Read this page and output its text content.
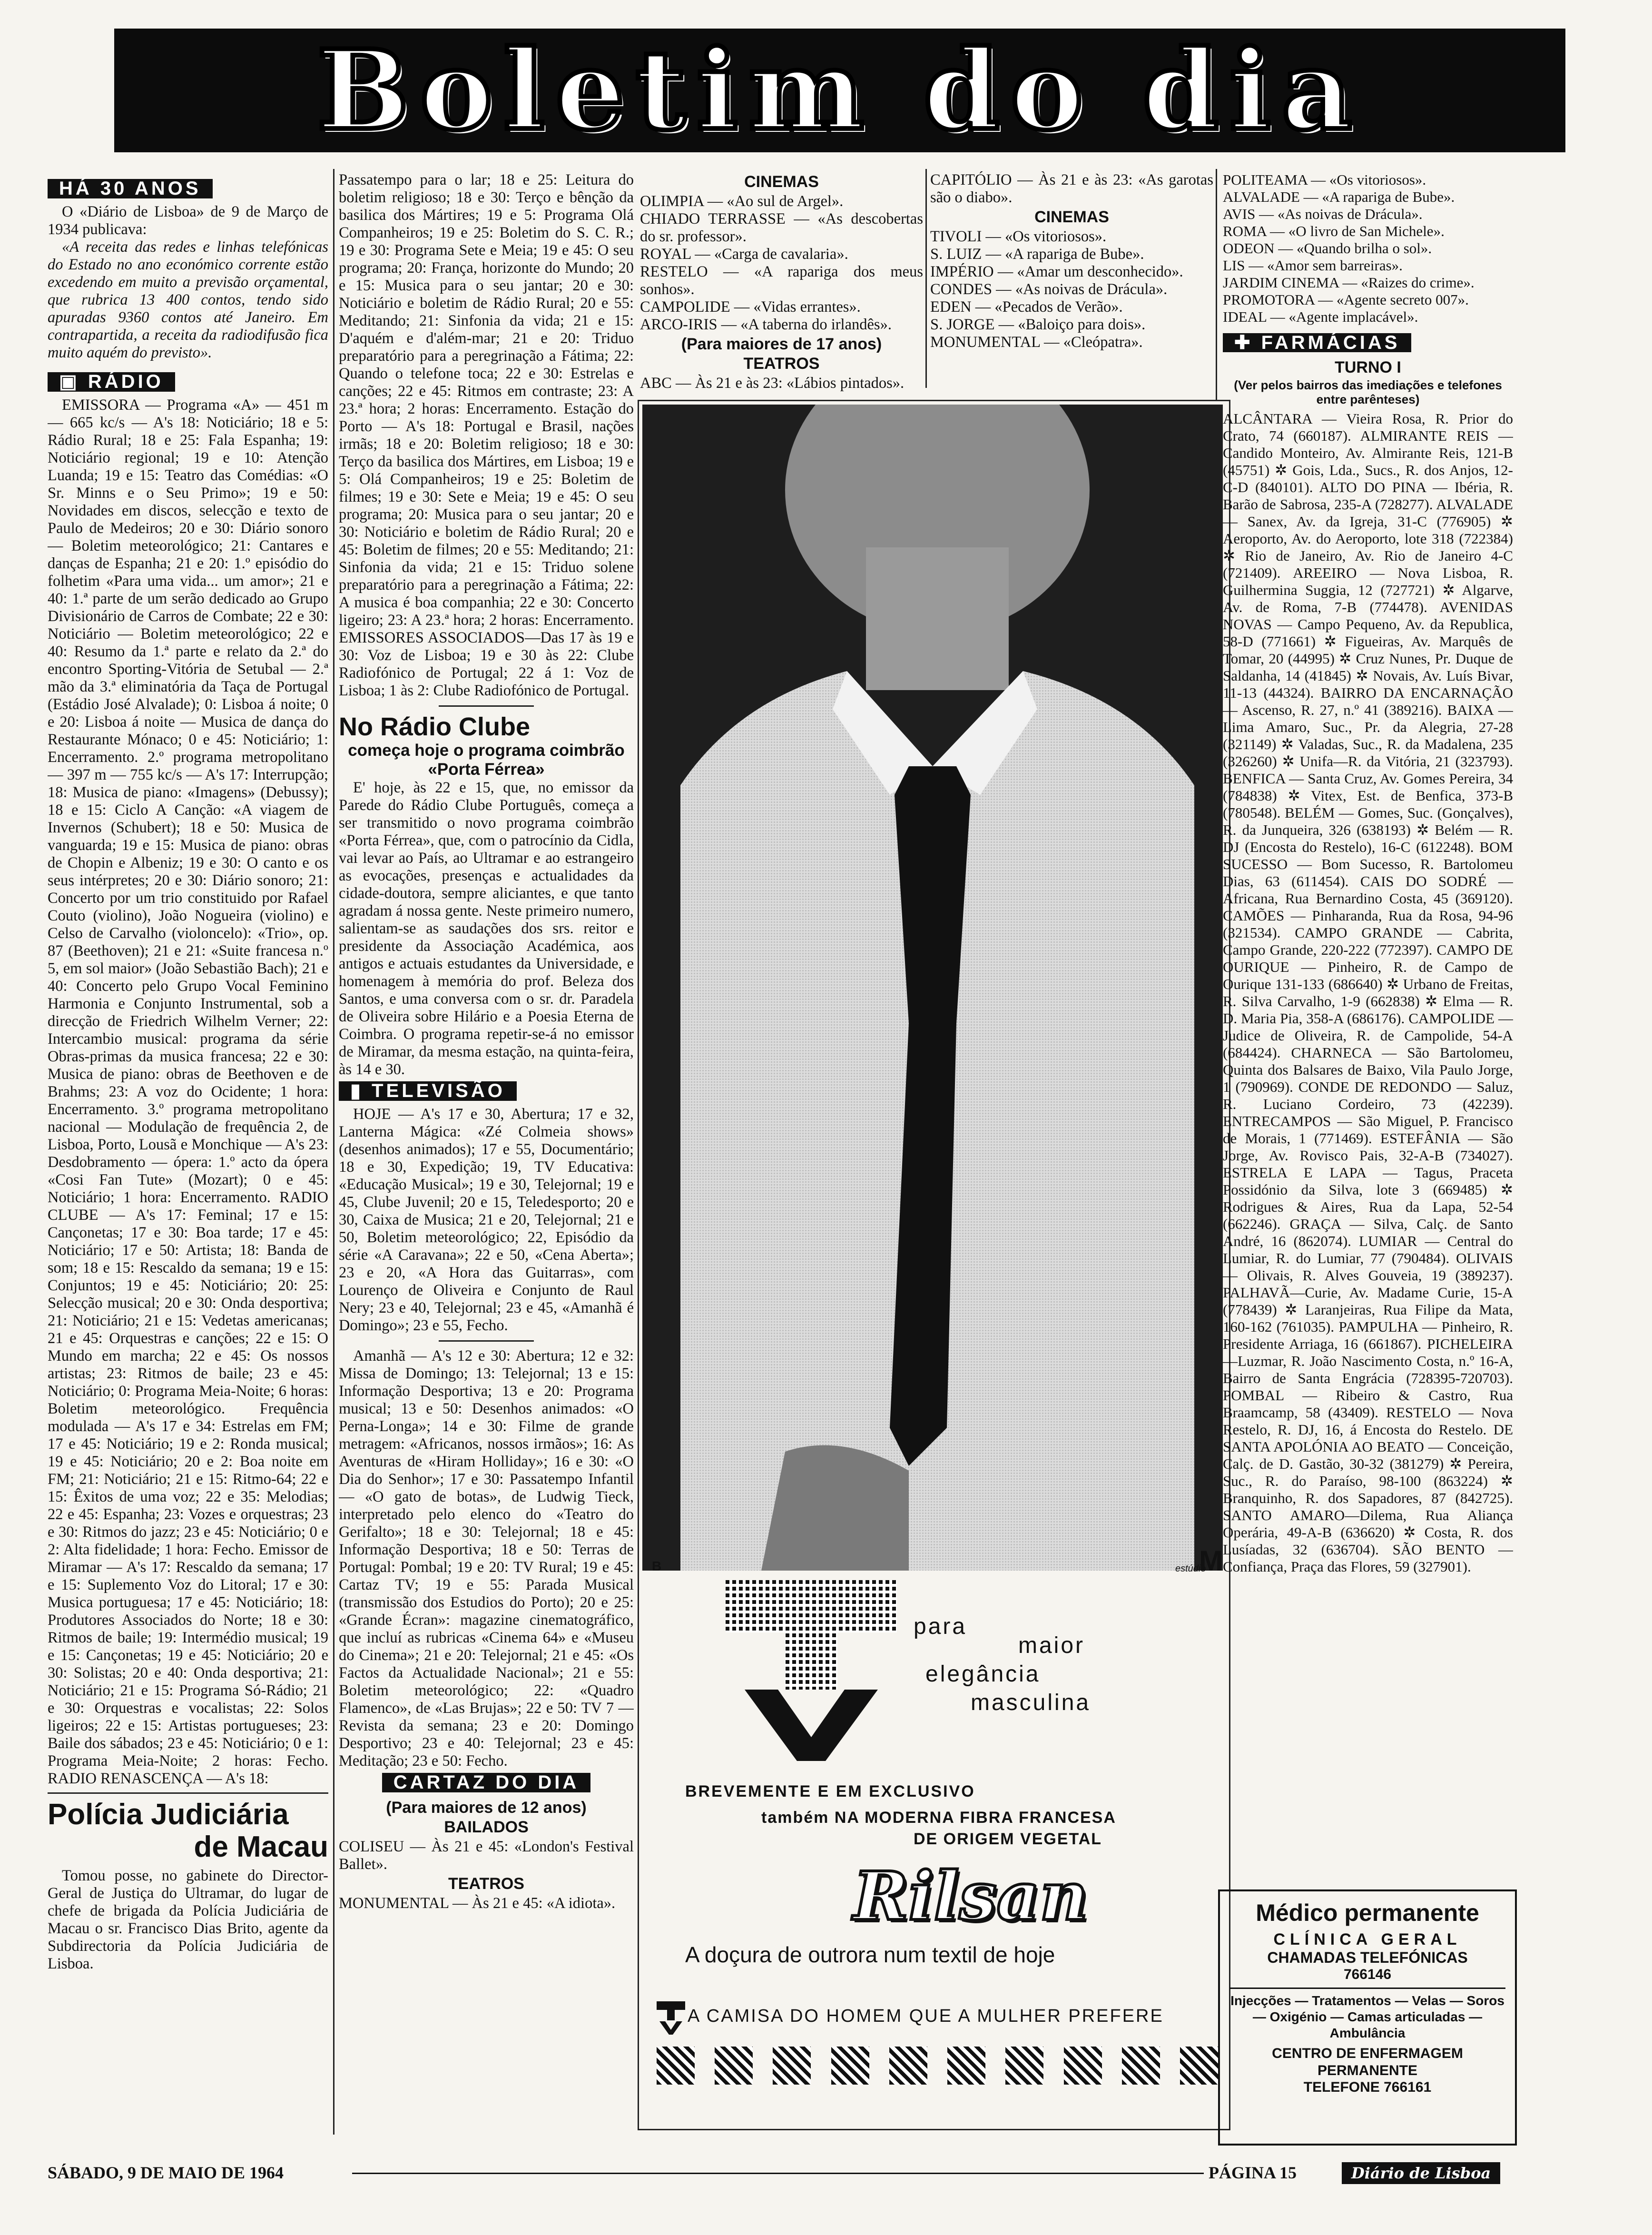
Boletim do dia
HÁ 30 ANOS

O «Diário de Lisboa» de 9 de Março de 1934 publicava:

«A receita das redes e linhas telefónicas do Estado no ano económico corrente estão excedendo em muito a previsão orçamental, que rubrica 13 400 contos, tendo sido apuradas 9360 contos até Janeiro. Em contrapartida, a receita da radiodifusão fica muito aquém do previsto».

▣ RÁDIO

EMISSORA — Programa «A» — 451 m — 665 kc/s — A's 18: Noticiário; 18 e 5: Rádio Rural; 18 e 25: Fala Espanha; 19: Noticiário regional; 19 e 10: Atenção Luanda; 19 e 15: Teatro das Comédias: «O Sr. Minns e o Seu Primo»; 19 e 50: Novidades em discos, selecção e texto de Paulo de Medeiros; 20 e 30: Diário sonoro — Boletim meteorológico; 21: Cantares e danças de Espanha; 21 e 20: 1.º episódio do folhetim «Para uma vida... um amor»; 21 e 40: 1.ª parte de um serão dedicado ao Grupo Divisionário de Carros de Combate; 22 e 30: Noticiário — Boletim meteorológico; 22 e 40: Resumo da 1.ª parte e relato da 2.ª do encontro Sporting-Vitória de Setubal — 2.ª mão da 3.ª eliminatória da Taça de Portugal (Estádio José Alvalade); 0: Lisboa á noite; 0 e 20: Lisboa á noite — Musica de dança do Restaurante Mónaco; 0 e 45: Noticiário; 1: Encerramento. 2.º programa metropolitano — 397 m — 755 kc/s — A's 17: Interrupção; 18: Musica de piano: «Imagens» (Debussy); 18 e 15: Ciclo A Canção: «A viagem de Invernos (Schubert); 18 e 50: Musica de vanguarda; 19 e 15: Musica de piano: obras de Chopin e Albeniz; 19 e 30: O canto e os seus intérpretes; 20 e 30: Diário sonoro; 21: Concerto por um trio constituido por Rafael Couto (violino), João Nogueira (violino) e Celso de Carvalho (violoncelo): «Trio», op. 87 (Beethoven); 21 e 21: «Suite francesa n.º 5, em sol maior» (João Sebastião Bach); 21 e 40: Concerto pelo Grupo Vocal Feminino Harmonia e Conjunto Instrumental, sob a direcção de Friedrich Wilhelm Verner; 22: Intercambio musical: programa da série Obras-primas da musica francesa; 22 e 30: Musica de piano: obras de Beethoven e de Brahms; 23: A voz do Ocidente; 1 hora: Encerramento. 3.º programa metropolitano nacional — Modulação de frequência 2, de Lisboa, Porto, Lousã e Monchique — A's 23: Desdobramento — ópera: 1.º acto da ópera «Cosi Fan Tute» (Mozart); 0 e 45: Noticiário; 1 hora: Encerramento. RADIO CLUBE — A's 17: Feminal; 17 e 15: Cançonetas; 17 e 30: Boa tarde; 17 e 45: Noticiário; 17 e 50: Artista; 18: Banda de som; 18 e 15: Rescaldo da semana; 19 e 15: Conjuntos; 19 e 45: Noticiário; 20: 25: Selecção musical; 20 e 30: Onda desportiva; 21: Noticiário; 21 e 15: Vedetas americanas; 21 e 45: Orquestras e canções; 22 e 15: O Mundo em marcha; 22 e 45: Os nossos artistas; 23: Ritmos de baile; 23 e 45: Noticiário; 0: Programa Meia-Noite; 6 horas: Boletim meteorológico. Frequência modulada — A's 17 e 34: Estrelas em FM; 17 e 45: Noticiário; 19 e 2: Ronda musical; 19 e 45: Noticiário; 20 e 2: Boa noite em FM; 21: Noticiário; 21 e 15: Ritmo-64; 22 e 15: Êxitos de uma voz; 22 e 35: Melodias; 22 e 45: Espanha; 23: Vozes e orquestras; 23 e 30: Ritmos do jazz; 23 e 45: Noticiário; 0 e 2: Alta fidelidade; 1 hora: Fecho. Emissor de Miramar — A's 17: Rescaldo da semana; 17 e 15: Suplemento Voz do Litoral; 17 e 30: Musica portuguesa; 17 e 45: Noticiário; 18: Produtores Associados do Norte; 18 e 30: Ritmos de baile; 19: Intermédio musical; 19 e 15: Cançonetas; 19 e 45: Noticiário; 20 e 30: Solistas; 20 e 40: Onda desportiva; 21: Noticiário; 21 e 15: Programa Só-Rádio; 21 e 30: Orquestras e vocalistas; 22: Solos ligeiros; 22 e 15: Artistas portugueses; 23: Baile dos sábados; 23 e 45: Noticiário; 0 e 1: Programa Meia-Noite; 2 horas: Fecho. RADIO RENASCENÇA — A's 18:

Polícia Judiciária
de Macau

Tomou posse, no gabinete do Director-Geral de Justiça do Ultramar, do lugar de chefe de brigada da Polícia Judiciária de Macau o sr. Francisco Dias Brito, agente da Subdirectoria da Polícia Judiciária de Lisboa.

Passatempo para o lar; 18 e 25: Leitura do boletim religioso; 18 e 30: Terço e bênção da basilica dos Mártires; 19 e 5: Programa Olá Companheiros; 19 e 25: Boletim do S. C. R.; 19 e 30: Programa Sete e Meia; 19 e 45: O seu programa; 20: França, horizonte do Mundo; 20 e 15: Musica para o seu jantar; 20 e 30: Noticiário e boletim de Rádio Rural; 20 e 55: Meditando; 21: Sinfonia da vida; 21 e 15: D'aquém e d'além-mar; 21 e 20: Triduo preparatório para a peregrinação a Fátima; 22: Quando o telefone toca; 22 e 30: Estrelas e canções; 22 e 45: Ritmos em contraste; 23: A 23.ª hora; 2 horas: Encerramento. Estação do Porto — A's 18: Portugal e Brasil, nações irmãs; 18 e 20: Boletim religioso; 18 e 30: Terço da basilica dos Mártires, em Lisboa; 19 e 5: Olá Companheiros; 19 e 25: Boletim de filmes; 19 e 30: Sete e Meia; 19 e 45: O seu programa; 20: Musica para o seu jantar; 20 e 30: Noticiário e boletim de Rádio Rural; 20 e 45: Boletim de filmes; 20 e 55: Meditando; 21: Sinfonia da vida; 21 e 15: Triduo solene preparatório para a peregrinação a Fátima; 22: A musica é boa companhia; 22 e 30: Concerto ligeiro; 23: A 23.ª hora; 2 horas: Encerramento. EMISSORES ASSOCIADOS—Das 17 às 19 e 30: Voz de Lisboa; 19 e 30 às 22: Clube Radiofónico de Portugal; 22 á 1: Voz de Lisboa; 1 às 2: Clube Radiofónico de Portugal.

No Rádio Clube
começa hoje o programa coimbrão «Porta Férrea»

E' hoje, às 22 e 15, que, no emissor da Parede do Rádio Clube Português, começa a ser transmitido o novo programa coimbrão «Porta Férrea», que, com o patrocínio da Cidla, vai levar ao País, ao Ultramar e ao estrangeiro as evocações, presenças e actualidades da cidade-doutora, sempre aliciantes, e que tanto agradam á nossa gente. Neste primeiro numero, salientam-se as saudações dos srs. reitor e presidente da Associação Académica, aos antigos e actuais estudantes da Universidade, e homenagem à memória do prof. Beleza dos Santos, e uma conversa com o sr. dr. Paradela de Oliveira sobre Hilário e a Poesia Eterna de Coimbra. O programa repetir-se-á no emissor de Miramar, da mesma estação, na quinta-feira, às 14 e 30.

▮ TELEVISÃO

HOJE — A's 17 e 30, Abertura; 17 e 32, Lanterna Mágica: «Zé Colmeia shows» (desenhos animados); 17 e 55, Documentário; 18 e 30, Expedição; 19, TV Educativa: «Educação Musical»; 19 e 30, Telejornal; 19 e 45, Clube Juvenil; 20 e 15, Teledesporto; 20 e 30, Caixa de Musica; 21 e 20, Telejornal; 21 e 50, Boletim meteorológico; 22, Episódio da série «A Caravana»; 22 e 50, «Cena Aberta»; 23 e 20, «A Hora das Guitarras», com Lourenço de Oliveira e Conjunto de Raul Nery; 23 e 40, Telejornal; 23 e 45, «Amanhã é Domingo»; 23 e 55, Fecho.

Amanhã — A's 12 e 30: Abertura; 12 e 32: Missa de Domingo; 13: Telejornal; 13 e 15: Informação Desportiva; 13 e 20: Programa musical; 13 e 50: Desenhos animados: «O Perna-Longa»; 14 e 30: Filme de grande metragem: «Africanos, nossos irmãos»; 16: As Aventuras de «Hiram Holliday»; 16 e 30: «O Dia do Senhor»; 17 e 30: Passatempo Infantil — «O gato de botas», de Ludwig Tieck, interpretado pelo elenco do «Teatro do Gerifalto»; 18 e 30: Telejornal; 18 e 45: Informação Desportiva; 18 e 50: Terras de Portugal: Pombal; 19 e 20: TV Rural; 19 e 45: Cartaz TV; 19 e 55: Parada Musical (transmissão dos Estudios do Porto); 20 e 25: «Grande Écran»: magazine cinematográfico, que incluí as rubricas «Cinema 64» e «Museu do Cinema»; 21 e 20: Telejornal; 21 e 45: «Os Factos da Actualidade Nacional»; 21 e 55: Boletim meteorológico; 22: «Quadro Flamenco», de «Las Brujas»; 22 e 50: TV 7 — Revista da semana; 23 e 20: Domingo Desportivo; 23 e 40: Telejornal; 23 e 45: Meditação; 23 e 50: Fecho.

CARTAZ DO DIA
(Para maiores de 12 anos)
BAILADOS

COLISEU — Às 21 e 45: «London's Festival Ballet».

TEATROS

MONUMENTAL — Às 21 e 45: «A idiota».

CINEMAS

OLIMPIA — «Ao sul de Argel».

CHIADO TERRASSE — «As descobertas do sr. professor».

ROYAL — «Carga de cavalaria».

RESTELO — «A rapariga dos meus sonhos».

CAMPOLIDE — «Vidas errantes».

ARCO-IRIS — «A taberna do irlandês».

(Para maiores de 17 anos)
TEATROS

ABC — Às 21 e às 23: «Lábios pintados».

CAPITÓLIO — Às 21 e às 23: «As garotas são o diabo».

CINEMAS

TIVOLI — «Os vitoriosos».

S. LUIZ — «A rapariga de Bube».

IMPÉRIO — «Amar um desconhecido».

CONDES — «As noivas de Drácula».

EDEN — «Pecados de Verão».

S. JORGE — «Baloiço para dois».

MONUMENTAL — «Cleópatra».

B	estúdio
M
para
maior
elegância
masculina
BREVEMENTE E EM EXCLUSIVO
também NA MODERNA FIBRA FRANCESA
DE ORIGEM VEGETAL
Rilsan
A doçura de outrora num textil de hoje
A CAMISA DO HOMEM QUE A MULHER PREFERE

POLITEAMA — «Os vitoriosos».

ALVALADE — «A rapariga de Bube».

AVIS — «As noivas de Drácula».

ROMA — «O livro de San Michele».

ODEON — «Quando brilha o sol».

LIS — «Amor sem barreiras».

JARDIM CINEMA — «Raizes do crime».

PROMOTORA — «Agente secreto 007».

IDEAL — «Agente implacável».

✚ FARMÁCIAS
TURNO I
(Ver pelos bairros das imediações e telefones entre parênteses)

ALCÂNTARA — Vieira Rosa, R. Prior do Crato, 74 (660187). ALMIRANTE REIS — Candido Monteiro, Av. Almirante Reis, 121-B (45751) ✲ Gois, Lda., Sucs., R. dos Anjos, 12-C-D (840101). ALTO DO PINA — Ibéria, R. Barão de Sabrosa, 235-A (728277). ALVALADE — Sanex, Av. da Igreja, 31-C (776905) ✲ Aeroporto, Av. do Aeroporto, lote 318 (722384) ✲ Rio de Janeiro, Av. Rio de Janeiro 4-C (721409). AREEIRO — Nova Lisboa, R. Guilhermina Suggia, 12 (727721) ✲ Algarve, Av. de Roma, 7-B (774478). AVENIDAS NOVAS — Campo Pequeno, Av. da Republica, 58-D (771661) ✲ Figueiras, Av. Marquês de Tomar, 20 (44995) ✲ Cruz Nunes, Pr. Duque de Saldanha, 14 (41845) ✲ Novais, Av. Luís Bivar, 11-13 (44324). BAIRRO DA ENCARNAÇÃO — Ascenso, R. 27, n.º 41 (389216). BAIXA — Lima Amaro, Suc., Pr. da Alegria, 27-28 (321149) ✲ Valadas, Suc., R. da Madalena, 235 (326260) ✲ Unifa—R. da Vitória, 21 (323793). BENFICA — Santa Cruz, Av. Gomes Pereira, 34 (784838) ✲ Vitex, Est. de Benfica, 373-B (780548). BELÉM — Gomes, Suc. (Gonçalves), R. da Junqueira, 326 (638193) ✲ Belém — R. DJ (Encosta do Restelo), 16-C (612248). BOM SUCESSO — Bom Sucesso, R. Bartolomeu Dias, 63 (611454). CAIS DO SODRÉ — Africana, Rua Bernardino Costa, 45 (369120). CAMÕES — Pinharanda, Rua da Rosa, 94-96 (321534). CAMPO GRANDE — Cabrita, Campo Grande, 220-222 (772397). CAMPO DE OURIQUE — Pinheiro, R. de Campo de Ourique 131-133 (686640) ✲ Urbano de Freitas, R. Silva Carvalho, 1-9 (662838) ✲ Elma — R. D. Maria Pia, 358-A (686176). CAMPOLIDE — Judice de Oliveira, R. de Campolide, 54-A (684424). CHARNECA — São Bartolomeu, Quinta dos Balsares de Baixo, Vila Paulo Jorge, 1 (790969). CONDE DE REDONDO — Saluz, R. Luciano Cordeiro, 73 (42239). ENTRECAMPOS — São Miguel, P. Francisco de Morais, 1 (771469). ESTEFÂNIA — São Jorge, Av. Rovisco Pais, 32-A-B (734027). ESTRELA E LAPA — Tagus, Praceta Possidónio da Silva, lote 3 (669485) ✲ Rodrigues & Aires, Rua da Lapa, 52-54 (662246). GRAÇA — Silva, Calç. de Santo André, 16 (862074). LUMIAR — Central do Lumiar, R. do Lumiar, 77 (790484). OLIVAIS — Olivais, R. Alves Gouveia, 19 (389237). PALHAVÃ—Curie, Av. Madame Curie, 15-A (778439) ✲ Laranjeiras, Rua Filipe da Mata, 160-162 (761035). PAMPULHA — Pinheiro, R. Presidente Arriaga, 16 (661867). PICHELEIRA—Luzmar, R. João Nascimento Costa, n.º 16-A, Bairro de Santa Engrácia (728395-720703). POMBAL — Ribeiro & Castro, Rua Braamcamp, 58 (43409). RESTELO — Nova Restelo, R. DJ, 16, á Encosta do Restelo. DE SANTA APOLÓNIA AO BEATO — Conceição, Calç. de D. Gastão, 30-32 (381279) ✲ Pereira, Suc., R. do Paraíso, 98-100 (863224) ✲ Branquinho, R. dos Sapadores, 87 (842725). SANTO AMARO—Dilema, Rua Aliança Operária, 49-A-B (636620) ✲ Costa, R. dos Lusíadas, 32 (636704). SÃO BENTO — Confiança, Praça das Flores, 59 (327901).

Médico permanente
CLÍNICA GERAL
CHAMADAS TELEFÓNICAS
766146
Injecções — Tratamentos — Velas — Soros — Oxigénio — Camas articuladas — Ambulância
CENTRO DE ENFERMAGEM PERMANENTE
TELEFONE 766161
SÁBADO, 9 DE MAIO DE 1964	PÁGINA 15	Diário de Lisboa
